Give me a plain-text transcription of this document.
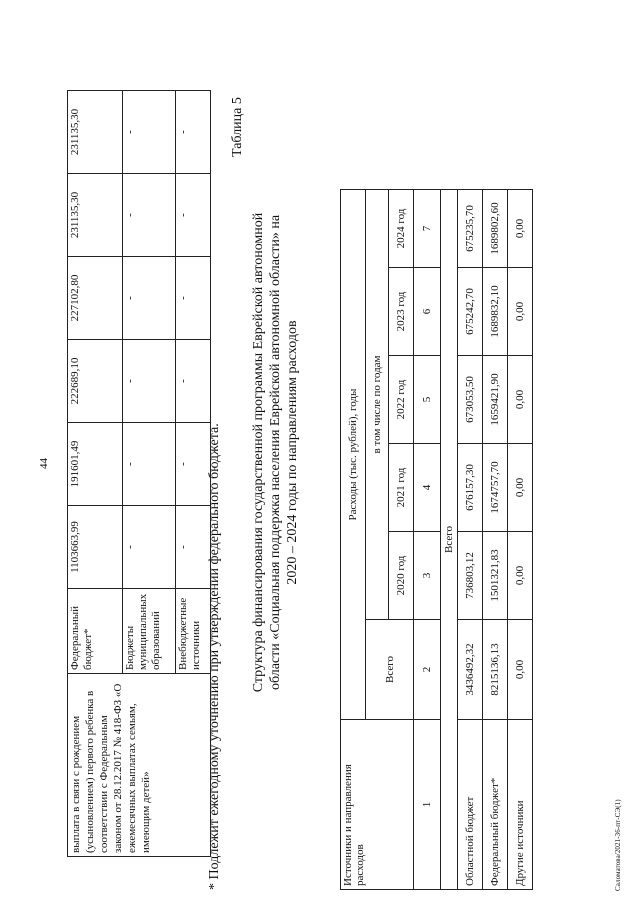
44
выплата в связи с рождением (усыновлением) первого ребенка в соответствии с Федеральным законом от 28.12.2017 № 418-ФЗ «О ежемесячных выплатах семьям, имеющим детей»	Федеральный бюджет*	1103663,99	191601,49	222689,10	227102,80	231135,30	231135,30
	Бюджеты муниципальных образований	-	-	-	-	-	-
	Внебюджетные источники	-	-	-	-	-	-
* Подлежит ежегодному уточнению при утверждении федерального бюджета.
Таблица 5
Структура финансирования государственной программы Еврейской автономной области «Социальная поддержка населения Еврейской автономной области» на 2020 – 2024 годы по направлениям расходов
Источники и направления расходов	Расходы (тыс. рублей), годы					
	Всего	в том числе по годам				
		2020 год	2021 год	2022 год	2023 год	2024 год
1	2	3	4	5	6	7
Всего						
Областной бюджет	3436492,32	736803,12	676157,30	673053,50	675242,70	675235,70
Федеральный бюджет*	8215136,13	1501321,83	1674757,70	1659421,90	1689832,10	1689802,60
Другие источники	0,00	0,00	0,00	0,00	0,00	0,00
Саломатова/2021-36-пт-СЭ(1)
